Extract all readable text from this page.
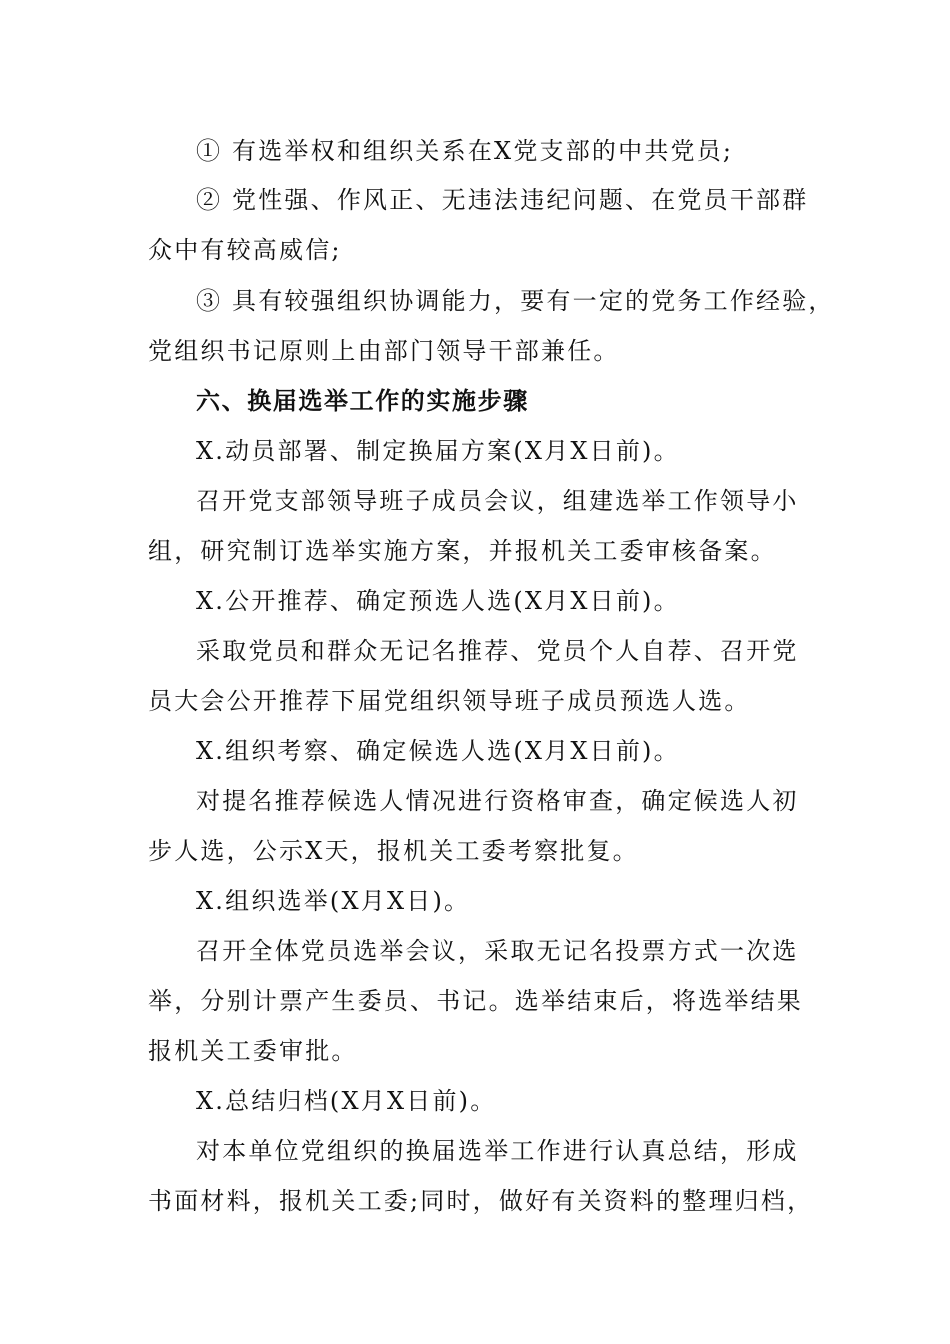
① 有选举权和组织关系在X党支部的中共党员;
② 党性强、作风正、无违法违纪问题、在党员干部群
众中有较高威信;
③ 具有较强组织协调能力，要有一定的党务工作经验，
党组织书记原则上由部门领导干部兼任。
六、换届选举工作的实施步骤
X.动员部署、制定换届方案(X月X日前)。
召开党支部领导班子成员会议，组建选举工作领导小
组，研究制订选举实施方案，并报机关工委审核备案。
X.公开推荐、确定预选人选(X月X日前)。
采取党员和群众无记名推荐、党员个人自荐、召开党
员大会公开推荐下届党组织领导班子成员预选人选。
X.组织考察、确定候选人选(X月X日前)。
对提名推荐候选人情况进行资格审查，确定候选人初
步人选，公示X天，报机关工委考察批复。
X.组织选举(X月X日)。
召开全体党员选举会议，采取无记名投票方式一次选
举，分别计票产生委员、书记。选举结束后，将选举结果
报机关工委审批。
X.总结归档(X月X日前)。
对本单位党组织的换届选举工作进行认真总结，形成
书面材料，报机关工委;同时，做好有关资料的整理归档，
